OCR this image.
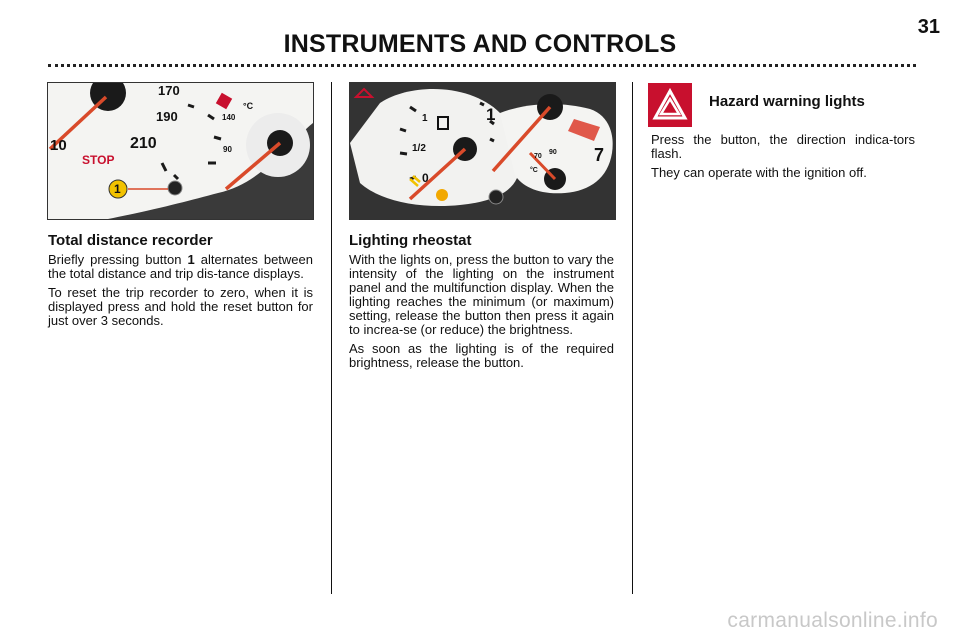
31
INSTRUMENTS AND CONTROLS
170
190
210
10
STOP
140
90
°C
1
1
1/2
0
70
90
°C
7
1
Total distance recorder

Briefly pressing button 1 alternates between the total distance and trip dis-tance displays.

To reset the trip recorder to zero, when it is displayed press and hold the reset button for just over 3 seconds.

Lighting rheostat

With the lights on, press the button to vary the intensity of the lighting on the instrument panel and the multifunction display. When the lighting reaches the minimum (or maximum) setting, release the button then press it again to increa-se (or reduce) the brightness.

As soon as the lighting is of the required brightness, release the button.

Hazard warning lights

Press the button, the direction indica-tors flash.

They can operate with the ignition off.

carmanualsonline.info
